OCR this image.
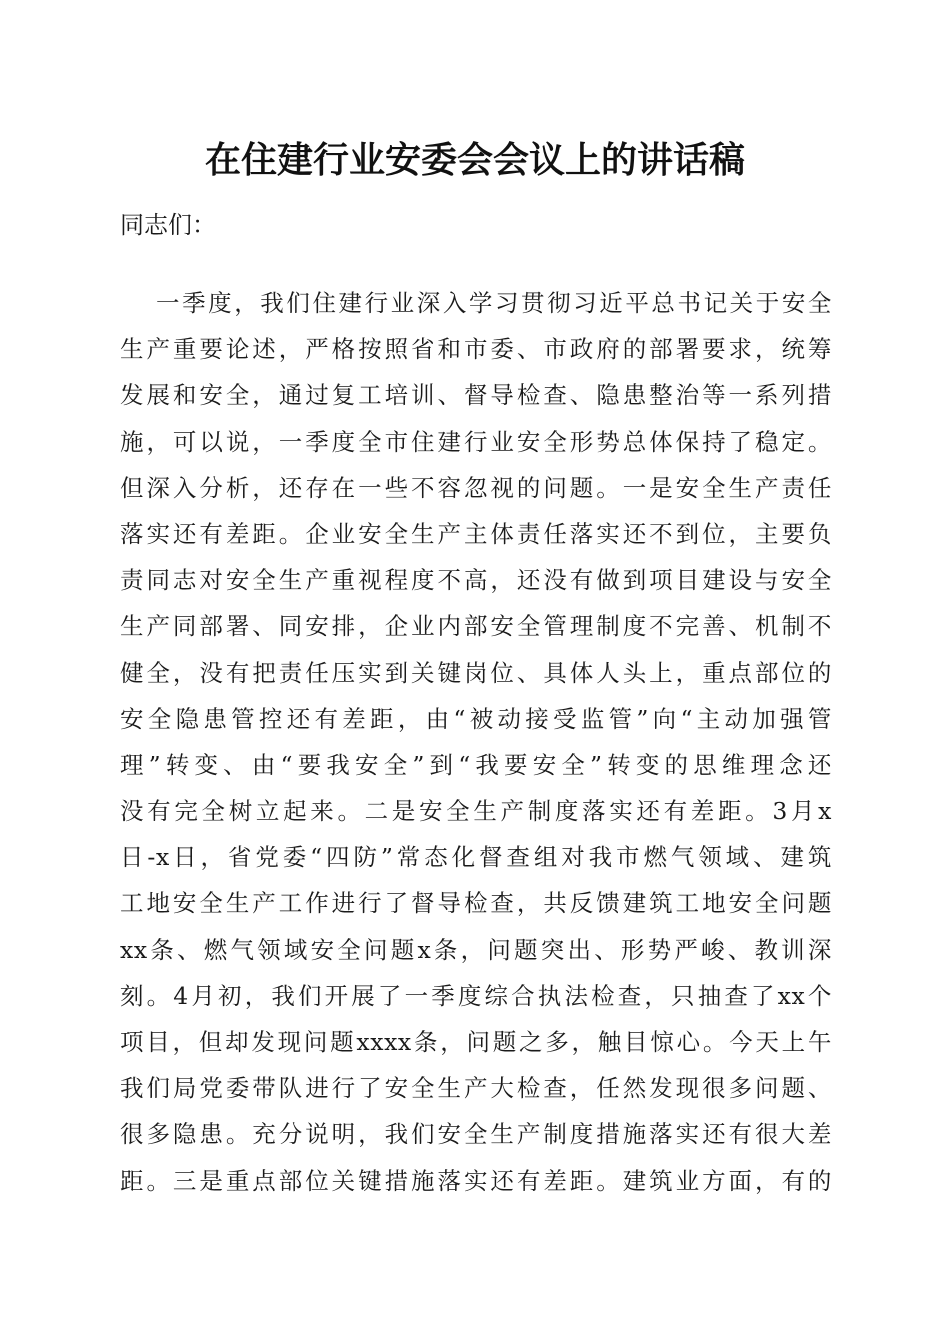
在住建行业安委会会议上的讲话稿

同志们：

一季度，我们住建行业深入学习贯彻习近平总书记关于安全
生产重要论述，严格按照省和市委、市政府的部署要求，统筹
发展和安全，通过复工培训、督导检查、隐患整治等一系列措
施，可以说，一季度全市住建行业安全形势总体保持了稳定。
但深入分析，还存在一些不容忽视的问题。一是安全生产责任
落实还有差距。企业安全生产主体责任落实还不到位，主要负
责同志对安全生产重视程度不高，还没有做到项目建设与安全
生产同部署、同安排，企业内部安全管理制度不完善、机制不
健全，没有把责任压实到关键岗位、具体人头上，重点部位的
安全隐患管控还有差距，由“被动接受监管”向“主动加强管
理”转变、由“要我安全”到“我要安全”转变的思维理念还
没有完全树立起来。二是安全生产制度落实还有差距。3月x
日-x日，省党委“四防”常态化督查组对我市燃气领域、建筑
工地安全生产工作进行了督导检查，共反馈建筑工地安全问题
xx条、燃气领域安全问题x条，问题突出、形势严峻、教训深
刻。4月初，我们开展了一季度综合执法检查，只抽查了xx个
项目，但却发现问题xxxx条，问题之多，触目惊心。今天上午
我们局党委带队进行了安全生产大检查，任然发现很多问题、
很多隐患。充分说明，我们安全生产制度措施落实还有很大差
距。三是重点部位关键措施落实还有差距。建筑业方面，有的
